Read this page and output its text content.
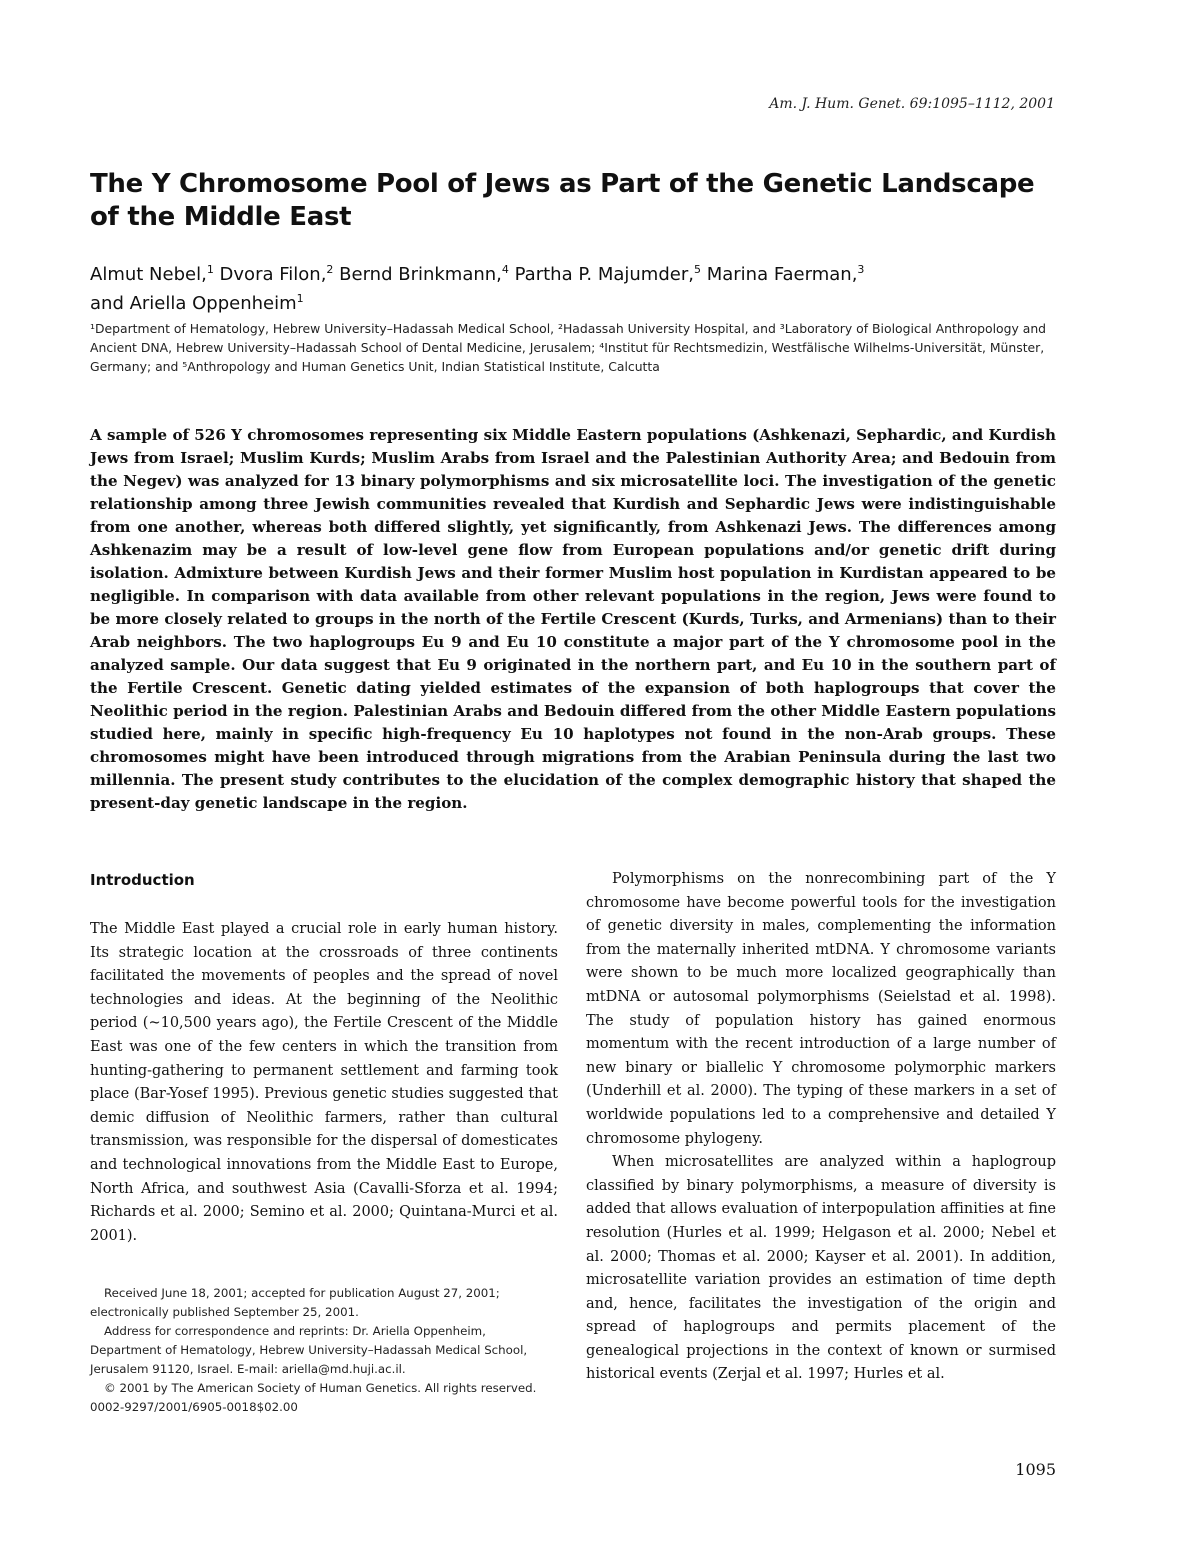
Am. J. Hum. Genet. 69:1095–1112, 2001
The Y Chromosome Pool of Jews as Part of the Genetic Landscape of the Middle East
Almut Nebel,$^1$ Dvora Filon,$^2$ Bernd Brinkmann,$^4$ Partha P. Majumder,$^5$ Marina Faerman,$^3$
and Ariella Oppenheim$^1$
¹Department of Hematology, Hebrew University–Hadassah Medical School, ²Hadassah University Hospital, and ³Laboratory of Biological Anthropology and Ancient DNA, Hebrew University–Hadassah School of Dental Medicine, Jerusalem; ⁴Institut für Rechtsmedizin, Westfälische Wilhelms-Universität, Münster, Germany; and ⁵Anthropology and Human Genetics Unit, Indian Statistical Institute, Calcutta
A sample of 526 Y chromosomes representing six Middle Eastern populations (Ashkenazi, Sephardic, and Kurdish Jews from Israel; Muslim Kurds; Muslim Arabs from Israel and the Palestinian Authority Area; and Bedouin from the Negev) was analyzed for 13 binary polymorphisms and six microsatellite loci. The investigation of the genetic relationship among three Jewish communities revealed that Kurdish and Sephardic Jews were indistinguishable from one another, whereas both differed slightly, yet significantly, from Ashkenazi Jews. The differences among Ashkenazim may be a result of low-level gene flow from European populations and/or genetic drift during isolation. Admixture between Kurdish Jews and their former Muslim host population in Kurdistan appeared to be negligible. In comparison with data available from other relevant populations in the region, Jews were found to be more closely related to groups in the north of the Fertile Crescent (Kurds, Turks, and Armenians) than to their Arab neighbors. The two haplogroups Eu 9 and Eu 10 constitute a major part of the Y chromosome pool in the analyzed sample. Our data suggest that Eu 9 originated in the northern part, and Eu 10 in the southern part of the Fertile Crescent. Genetic dating yielded estimates of the expansion of both haplogroups that cover the Neolithic period in the region. Palestinian Arabs and Bedouin differed from the other Middle Eastern populations studied here, mainly in specific high-frequency Eu 10 haplotypes not found in the non-Arab groups. These chromosomes might have been introduced through migrations from the Arabian Peninsula during the last two millennia. The present study contributes to the elucidation of the complex demographic history that shaped the present-day genetic landscape in the region.
Introduction

The Middle East played a crucial role in early human history. Its strategic location at the crossroads of three continents facilitated the movements of peoples and the spread of novel technologies and ideas. At the beginning of the Neolithic period (~10,500 years ago), the Fertile Crescent of the Middle East was one of the few centers in which the transition from hunting-gathering to permanent settlement and farming took place (Bar-Yosef 1995). Previous genetic studies suggested that demic diffusion of Neolithic farmers, rather than cultural transmission, was responsible for the dispersal of domesticates and technological innovations from the Middle East to Europe, North Africa, and southwest Asia (Cavalli-Sforza et al. 1994; Richards et al. 2000; Semino et al. 2000; Quintana-Murci et al. 2001).

Received June 18, 2001; accepted for publication August 27, 2001; electronically published September 25, 2001.

Address for correspondence and reprints: Dr. Ariella Oppenheim, Department of Hematology, Hebrew University–Hadassah Medical School, Jerusalem 91120, Israel. E-mail: ariella@md.huji.ac.il.

© 2001 by The American Society of Human Genetics. All rights reserved.

0002-9297/2001/6905-0018$02.00

Polymorphisms on the nonrecombining part of the Y chromosome have become powerful tools for the investigation of genetic diversity in males, complementing the information from the maternally inherited mtDNA. Y chromosome variants were shown to be much more localized geographically than mtDNA or autosomal polymorphisms (Seielstad et al. 1998). The study of population history has gained enormous momentum with the recent introduction of a large number of new binary or biallelic Y chromosome polymorphic markers (Underhill et al. 2000). The typing of these markers in a set of worldwide populations led to a comprehensive and detailed Y chromosome phylogeny.

When microsatellites are analyzed within a haplogroup classified by binary polymorphisms, a measure of diversity is added that allows evaluation of interpopulation affinities at fine resolution (Hurles et al. 1999; Helgason et al. 2000; Nebel et al. 2000; Thomas et al. 2000; Kayser et al. 2001). In addition, microsatellite variation provides an estimation of time depth and, hence, facilitates the investigation of the origin and spread of haplogroups and permits placement of the genealogical projections in the context of known or surmised historical events (Zerjal et al. 1997; Hurles et al.

1095
